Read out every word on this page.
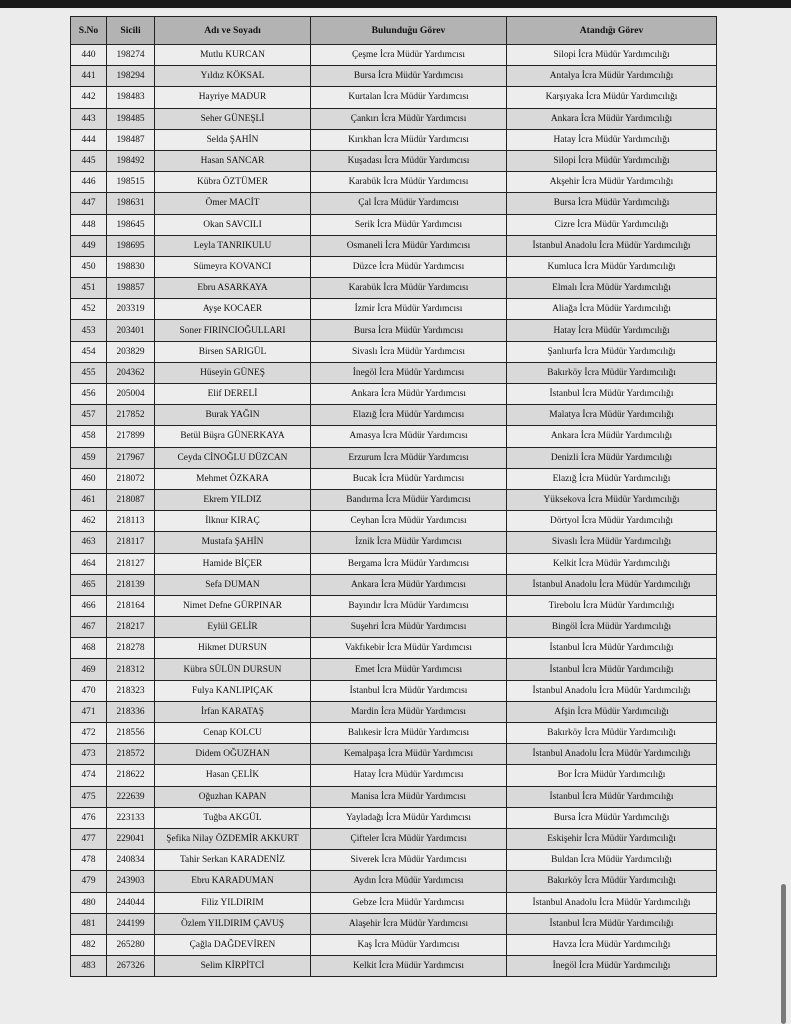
S.No	Sicili	Adı ve Soyadı	Bulunduğu Görev	Atandığı Görev
440	198274	Mutlu KURCAN	Çeşme İcra Müdür Yardımcısı	Silopi İcra Müdür Yardımcılığı
441	198294	Yıldız KÖKSAL	Bursa İcra Müdür Yardımcısı	Antalya İcra Müdür Yardımcılığı
442	198483	Hayriye MADUR	Kurtalan İcra Müdür Yardımcısı	Karşıyaka İcra Müdür Yardımcılığı
443	198485	Seher GÜNEŞLİ	Çankırı İcra Müdür Yardımcısı	Ankara İcra Müdür Yardımcılığı
444	198487	Selda ŞAHİN	Kırıkhan İcra Müdür Yardımcısı	Hatay İcra Müdür Yardımcılığı
445	198492	Hasan SANCAR	Kuşadası İcra Müdür Yardımcısı	Silopi İcra Müdür Yardımcılığı
446	198515	Kübra ÖZTÜMER	Karabük İcra Müdür Yardımcısı	Akşehir İcra Müdür Yardımcılığı
447	198631	Ömer MACİT	Çal İcra Müdür Yardımcısı	Bursa İcra Müdür Yardımcılığı
448	198645	Okan SAVCILI	Serik İcra Müdür Yardımcısı	Cizre İcra Müdür Yardımcılığı
449	198695	Leyla TANRIKULU	Osmaneli İcra Müdür Yardımcısı	İstanbul Anadolu İcra Müdür Yardımcılığı
450	198830	Sümeyra KOVANCI	Düzce İcra Müdür Yardımcısı	Kumluca İcra Müdür Yardımcılığı
451	198857	Ebru ASARKAYA	Karabük İcra Müdür Yardımcısı	Elmalı İcra Müdür Yardımcılığı
452	203319	Ayşe KOCAER	İzmir İcra Müdür Yardımcısı	Aliağa İcra Müdür Yardımcılığı
453	203401	Soner FIRINCIOĞULLARI	Bursa İcra Müdür Yardımcısı	Hatay İcra Müdür Yardımcılığı
454	203829	Birsen SARIGÜL	Sivaslı İcra Müdür Yardımcısı	Şanlıurfa İcra Müdür Yardımcılığı
455	204362	Hüseyin GÜNEŞ	İnegöl İcra Müdür Yardımcısı	Bakırköy İcra Müdür Yardımcılığı
456	205004	Elif DERELİ	Ankara İcra Müdür Yardımcısı	İstanbul İcra Müdür Yardımcılığı
457	217852	Burak YAĞIN	Elazığ İcra Müdür Yardımcısı	Malatya İcra Müdür Yardımcılığı
458	217899	Betül Büşra GÜNERKAYA	Amasya İcra Müdür Yardımcısı	Ankara İcra Müdür Yardımcılığı
459	217967	Ceyda CİNOĞLU DÜZCAN	Erzurum İcra Müdür Yardımcısı	Denizli İcra Müdür Yardımcılığı
460	218072	Mehmet ÖZKARA	Bucak İcra Müdür Yardımcısı	Elazığ İcra Müdür Yardımcılığı
461	218087	Ekrem YILDIZ	Bandırma İcra Müdür Yardımcısı	Yüksekova İcra Müdür Yardımcılığı
462	218113	İlknur KIRAÇ	Ceyhan İcra Müdür Yardımcısı	Dörtyol İcra Müdür Yardımcılığı
463	218117	Mustafa ŞAHİN	İznik İcra Müdür Yardımcısı	Sivaslı İcra Müdür Yardımcılığı
464	218127	Hamide BİÇER	Bergama İcra Müdür Yardımcısı	Kelkit İcra Müdür Yardımcılığı
465	218139	Sefa DUMAN	Ankara İcra Müdür Yardımcısı	İstanbul Anadolu İcra Müdür Yardımcılığı
466	218164	Nimet Defne GÜRPINAR	Bayındır İcra Müdür Yardımcısı	Tirebolu İcra Müdür Yardımcılığı
467	218217	Eylül GELİR	Suşehri İcra Müdür Yardımcısı	Bingöl İcra Müdür Yardımcılığı
468	218278	Hikmet DURSUN	Vakfıkebir İcra Müdür Yardımcısı	İstanbul İcra Müdür Yardımcılığı
469	218312	Kübra SÜLÜN DURSUN	Emet İcra Müdür Yardımcısı	İstanbul İcra Müdür Yardımcılığı
470	218323	Fulya KANLIPIÇAK	İstanbul İcra Müdür Yardımcısı	İstanbul Anadolu İcra Müdür Yardımcılığı
471	218336	İrfan KARATAŞ	Mardin İcra Müdür Yardımcısı	Afşin İcra Müdür Yardımcılığı
472	218556	Cenap KOLCU	Balıkesir İcra Müdür Yardımcısı	Bakırköy İcra Müdür Yardımcılığı
473	218572	Didem OĞUZHAN	Kemalpaşa İcra Müdür Yardımcısı	İstanbul Anadolu İcra Müdür Yardımcılığı
474	218622	Hasan ÇELİK	Hatay İcra Müdür Yardımcısı	Bor İcra Müdür Yardımcılığı
475	222639	Oğuzhan KAPAN	Manisa İcra Müdür Yardımcısı	İstanbul İcra Müdür Yardımcılığı
476	223133	Tuğba AKGÜL	Yayladağı İcra Müdür Yardımcısı	Bursa İcra Müdür Yardımcılığı
477	229041	Şefika Nilay ÖZDEMİR AKKURT	Çifteler İcra Müdür Yardımcısı	Eskişehir İcra Müdür Yardımcılığı
478	240834	Tahir Serkan KARADENİZ	Siverek İcra Müdür Yardımcısı	Buldan İcra Müdür Yardımcılığı
479	243903	Ebru KARADUMAN	Aydın İcra Müdür Yardımcısı	Bakırköy İcra Müdür Yardımcılığı
480	244044	Filiz YILDIRIM	Gebze İcra Müdür Yardımcısı	İstanbul Anadolu İcra Müdür Yardımcılığı
481	244199	Özlem YILDIRIM ÇAVUŞ	Alaşehir İcra Müdür Yardımcısı	İstanbul İcra Müdür Yardımcılığı
482	265280	Çağla DAĞDEVİREN	Kaş İcra Müdür Yardımcısı	Havza İcra Müdür Yardımcılığı
483	267326	Selim KİRPİTCİ	Kelkit İcra Müdür Yardımcısı	İnegöl İcra Müdür Yardımcılığı
